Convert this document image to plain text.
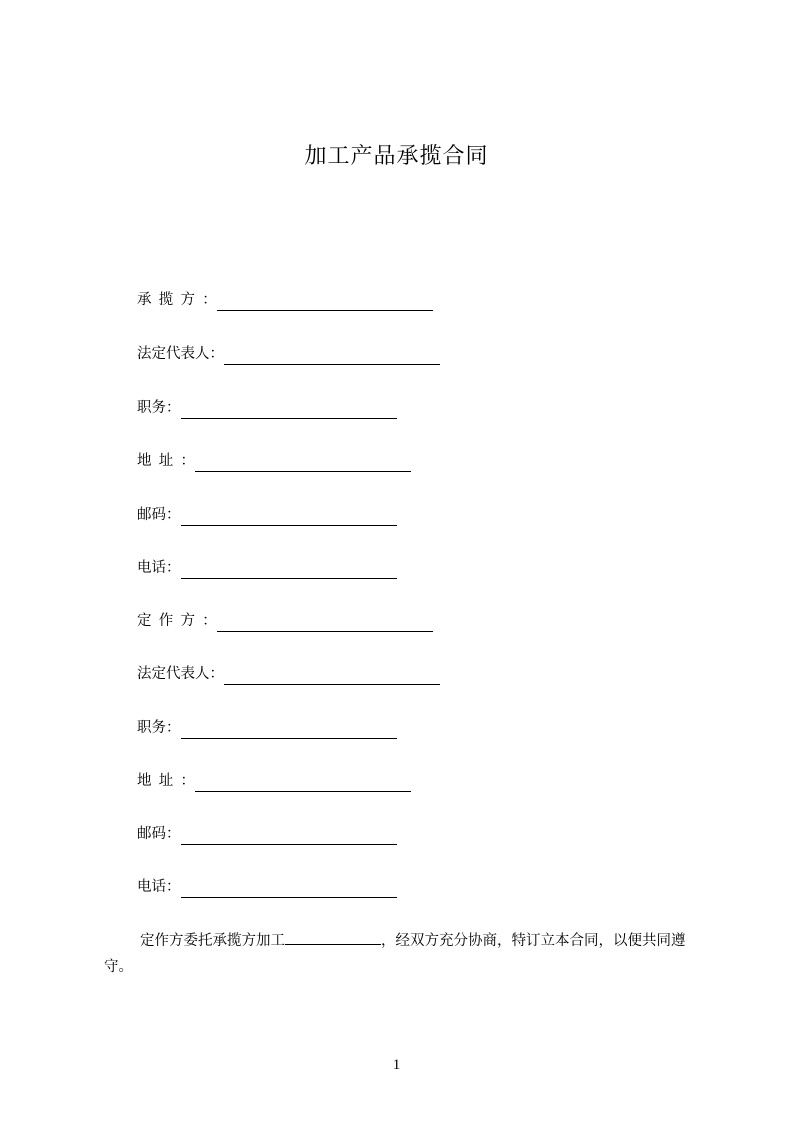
加工产品承揽合同
承揽方 ：
法定代表人 ：
职务 ：
地址 ：
邮码 ：
电话 ：
定作方 ：
法定代表人 ：
职务 ：
地址 ：
邮码 ：
电话 ：
定作方委托承揽方加工	，经双方充分协商，特订立本合同，以便共同遵守。
1
